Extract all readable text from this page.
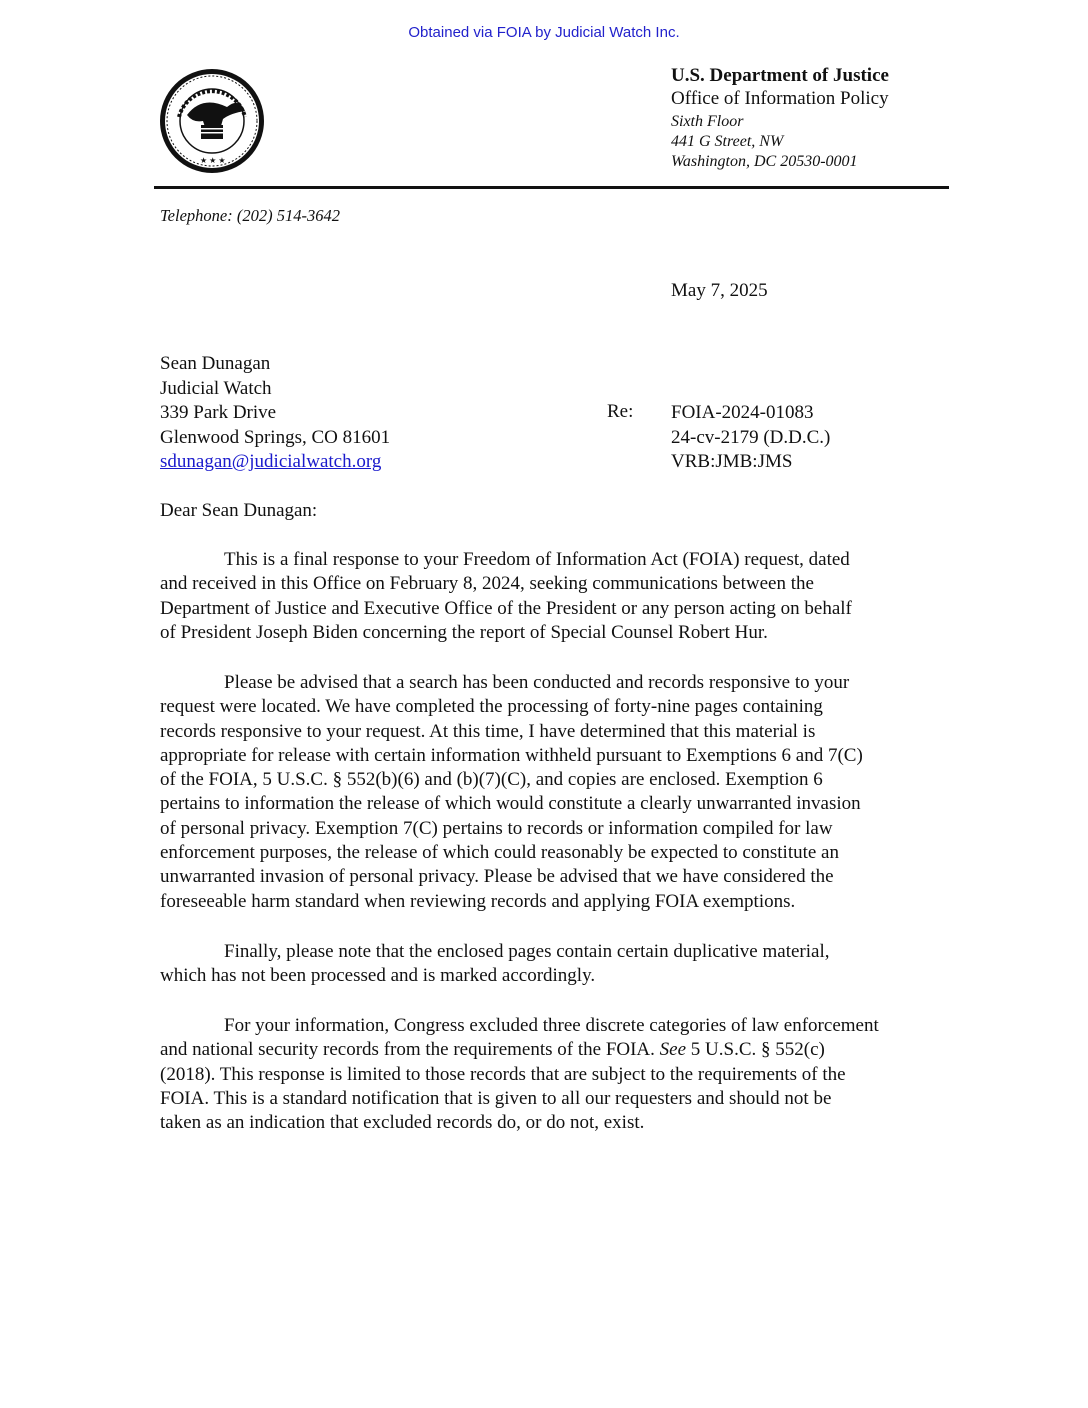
Obtained via FOIA by Judicial Watch Inc.
★ ★ ★
U.S. Department of Justice
Office of Information Policy
Sixth Floor
441 G Street, NW
Washington, DC 20530-0001
Telephone: (202) 514-3642
May 7, 2025
Sean Dunagan
Judicial Watch
339 Park Drive
Glenwood Springs, CO 81601
sdunagan@judicialwatch.org
Re: FOIA-2024-01083
24-cv-2179 (D.D.C.)
VRB:JMB:JMS
Dear Sean Dunagan:
This is a final response to your Freedom of Information Act (FOIA) request, dated
and received in this Office on February 8, 2024, seeking communications between the
Department of Justice and Executive Office of the President or any person acting on behalf
of President Joseph Biden concerning the report of Special Counsel Robert Hur.
Please be advised that a search has been conducted and records responsive to your
request were located. We have completed the processing of forty-nine pages containing
records responsive to your request. At this time, I have determined that this material is
appropriate for release with certain information withheld pursuant to Exemptions 6 and 7(C)
of the FOIA, 5 U.S.C. § 552(b)(6) and (b)(7)(C), and copies are enclosed. Exemption 6
pertains to information the release of which would constitute a clearly unwarranted invasion
of personal privacy. Exemption 7(C) pertains to records or information compiled for law
enforcement purposes, the release of which could reasonably be expected to constitute an
unwarranted invasion of personal privacy. Please be advised that we have considered the
foreseeable harm standard when reviewing records and applying FOIA exemptions.
Finally, please note that the enclosed pages contain certain duplicative material,
which has not been processed and is marked accordingly.
For your information, Congress excluded three discrete categories of law enforcement
and national security records from the requirements of the FOIA. See 5 U.S.C. § 552(c)
(2018). This response is limited to those records that are subject to the requirements of the
FOIA. This is a standard notification that is given to all our requesters and should not be
taken as an indication that excluded records do, or do not, exist.
